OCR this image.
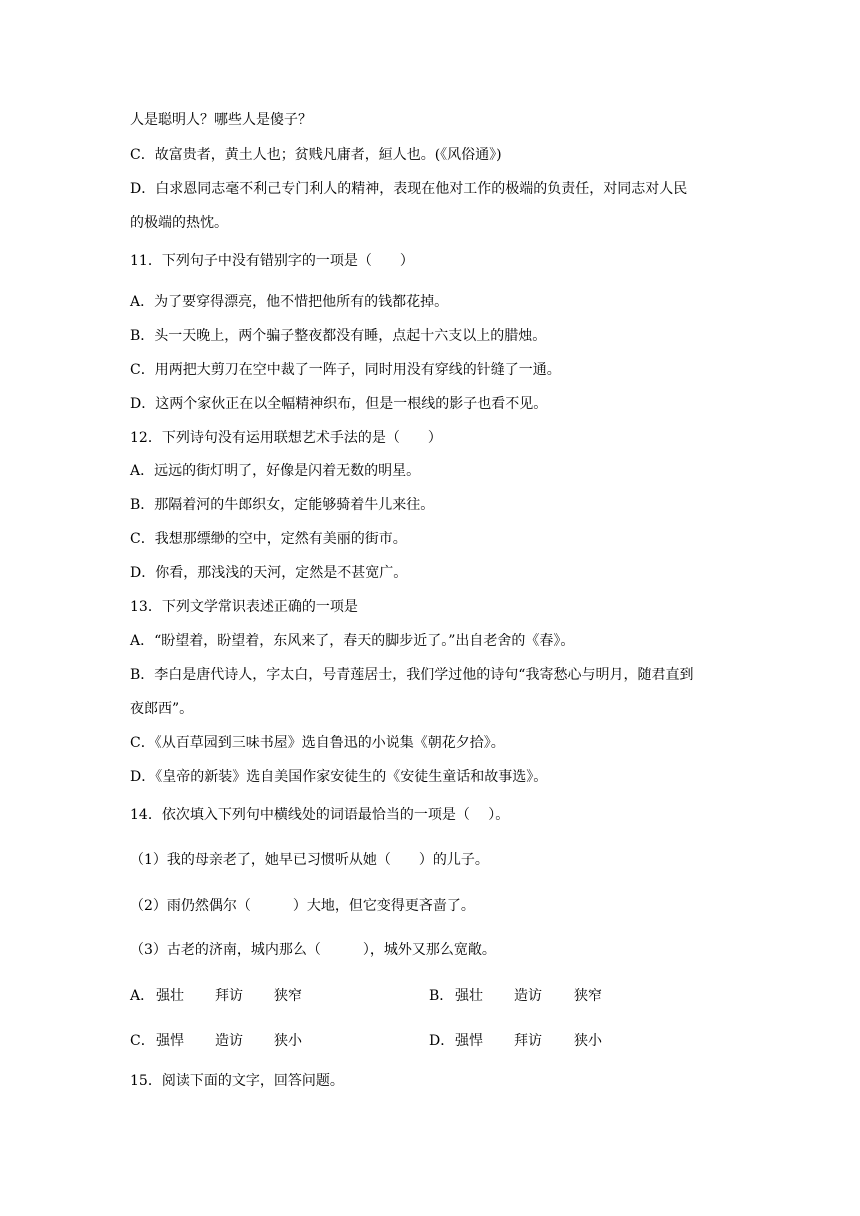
人是聪明人？哪些人是傻子？
C．故富贵者，黄土人也；贫贱凡庸者，絙人也。(《风俗通》)
D．白求恩同志毫不利己专门利人的精神，表现在他对工作的极端的负责任，对同志对人民
的极端的热忱。
11．下列句子中没有错别字的一项是（　　）
A．为了要穿得漂亮，他不惜把他所有的钱都花掉。
B．头一天晚上，两个骗子整夜都没有睡，点起十六支以上的腊烛。
C．用两把大剪刀在空中裁了一阵子，同时用没有穿线的针缝了一通。
D．这两个家伙正在以全幅精神织布，但是一根线的影子也看不见。
12．下列诗句没有运用联想艺术手法的是（　　）
A．远远的街灯明了，好像是闪着无数的明星。
B．那隔着河的牛郎织女，定能够骑着牛儿来往。
C．我想那缥缈的空中，定然有美丽的街市。
D．你看，那浅浅的天河，定然是不甚宽广。
13．下列文学常识表述正确的一项是
A．“盼望着，盼望着，东风来了，春天的脚步近了。”出自老舍的《春》。
B．李白是唐代诗人，字太白，号青莲居士，我们学过他的诗句“我寄愁心与明月，随君直到
夜郎西”。
C．《从百草园到三味书屋》选自鲁迅的小说集《朝花夕拾》。
D．《皇帝的新装》选自美国作家安徒生的《安徒生童话和故事选》。
14．依次填入下列句中横线处的词语最恰当的一项是（　 ）。
（1）我的母亲老了，她早已习惯听从她（　　）的儿子。
（2）雨仍然偶尔（　　　）大地，但它变得更吝啬了。
（3）古老的济南，城内那么（　　　），城外又那么宽敞。
A． 强壮 拜访 狭窄	B． 强壮 造访 狭窄
C． 强悍 造访 狭小	D． 强悍 拜访 狭小
15．阅读下面的文字，回答问题。
